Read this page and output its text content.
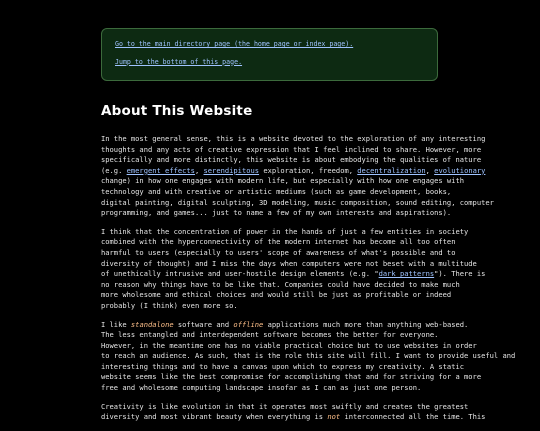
Go to the main directory page (the home page or index page).
Jump to the bottom of this page.
About This Website

In the most general sense, this is a website devoted to the exploration of any interesting
thoughts and any acts of creative expression that I feel inclined to share. However, more
specifically and more distinctly, this website is about embodying the qualities of nature
(e.g. emergent effects, serendipitous exploration, freedom, decentralization, evolutionary
change) in how one engages with modern life, but especially with how one engages with
technology and with creative or artistic mediums (such as game development, books,
digital painting, digital sculpting, 3D modeling, music composition, sound editing, computer
programming, and games... just to name a few of my own interests and aspirations).

I think that the concentration of power in the hands of just a few entities in society
combined with the hyperconnectivity of the modern internet has become all too often
harmful to users (especially to users' scope of awareness of what's possible and to
diversity of thought) and I miss the days when computers were not beset with a multitude
of unethically intrusive and user-hostile design elements (e.g. "dark patterns"). There is
no reason why things have to be like that. Companies could have decided to make much
more wholesome and ethical choices and would still be just as profitable or indeed
probably (I think) even more so.

I like standalone software and offline applications much more than anything web-based.
The less entangled and interdependent software becomes the better for everyone.
However, in the meantime one has no viable practical choice but to use websites in order
to reach an audience. As such, that is the role this site will fill. I want to provide useful and
interesting things and to have a canvas upon which to express my creativity. A static
website seems like the best compromise for accomplishing that and for striving for a more
free and wholesome computing landscape insofar as I can as just one person.

Creativity is like evolution in that it operates most swiftly and creates the greatest
diversity and most vibrant beauty when everything is not interconnected all the time. This
